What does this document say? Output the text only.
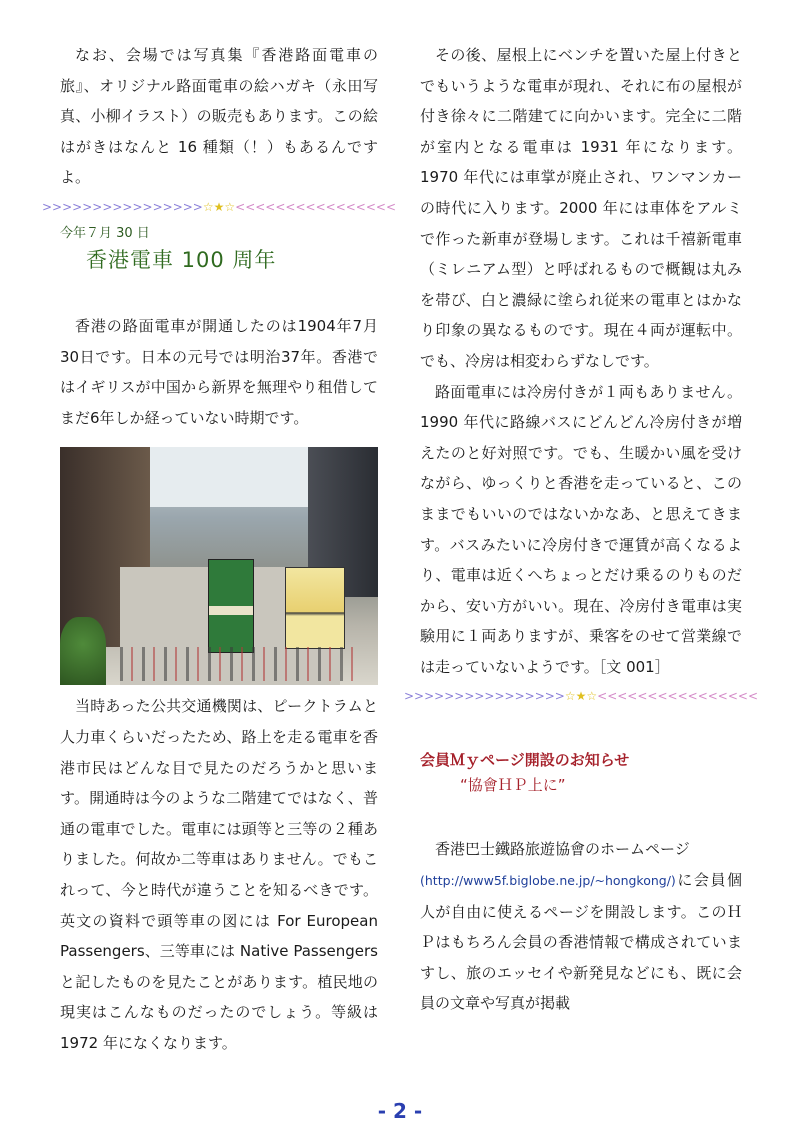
なお、会場では写真集『香港路面電車の旅』、オリジナル路面電車の絵ハガキ（永田写真、小柳イラスト）の販売もあります。この絵はがきはなんと 16 種類（！）もあるんですよ。

>>>>>>>>>>>>>>>> ☆★☆ <<<<<<<<<<<<<<<<
今年７月 30 日
香港電車 100 周年

香港の路面電車が開通したのは1904年7月30日です。日本の元号では明治37年。香港ではイギリスが中国から新界を無理やり租借してまだ6年しか経っていない時期です。

当時あった公共交通機関は、ピークトラムと人力車くらいだったため、路上を走る電車を香港市民はどんな目で見たのだろうかと思います。開通時は今のような二階建てではなく、普通の電車でした。電車には頭等と三等の２種ありました。何故か二等車はありません。でもこれって、今と時代が違うことを知るべきです。英文の資料で頭等車の図には For European Passengers、三等車には Native Passengers と記したものを見たことがあります。植民地の現実はこんなものだったのでしょう。等級は 1972 年になくなります。

その後、屋根上にベンチを置いた屋上付きとでもいうような電車が現れ、それに布の屋根が付き徐々に二階建てに向かいます。完全に二階が室内となる電車は 1931 年になります。1970 年代には車掌が廃止され、ワンマンカーの時代に入ります。2000 年には車体をアルミで作った新車が登場します。これは千禧新電車（ミレニアム型）と呼ばれるもので概観は丸みを帯び、白と濃緑に塗られ従来の電車とはかなり印象の異なるものです。現在４両が運転中。でも、冷房は相変わらずなしです。

路面電車には冷房付きが１両もありません。1990 年代に路線バスにどんどん冷房付きが増えたのと好対照です。でも、生暖かい風を受けながら、ゆっくりと香港を走っていると、このままでもいいのではないかなあ、と思えてきます。バスみたいに冷房付きで運賃が高くなるより、電車は近くへちょっとだけ乗るのりものだから、安い方がいい。現在、冷房付き電車は実験用に１両ありますが、乗客をのせて営業線では走っていないようです。［文 001］

>>>>>>>>>>>>>>>> ☆★☆ <<<<<<<<<<<<<<<<
会員Ｍｙページ開設のお知らせ
“協會ＨＰ上に”

香港巴士鐵路旅遊協會のホームページ
(http://www5f.biglobe.ne.jp/~hongkong/)に会員個人が自由に使えるページを開設します。このＨＰはもちろん会員の香港情報で構成されていますし、旅のエッセイや新発見などにも、既に会員の文章や写真が掲載

- 2 -
